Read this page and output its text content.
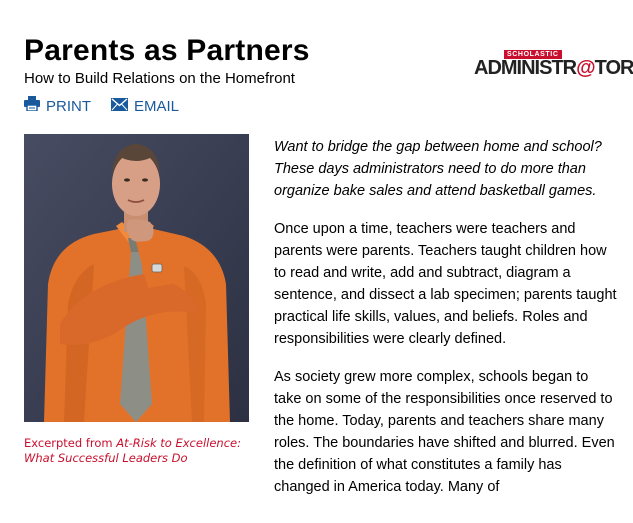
Parents as Partners
How to Build Relations on the Homefront
SCHOLASTIC
ADMINISTR@TOR
PRINT	EMAIL
Excerpted from At-Risk to Excellence: What Successful Leaders Do

Want to bridge the gap between home and school? These days administrators need to do more than organize bake sales and attend basketball games.

Once upon a time, teachers were teachers and parents were parents. Teachers taught children how to read and write, add and subtract, diagram a sentence, and dissect a lab specimen; parents taught practical life skills, values, and beliefs. Roles and responsibilities were clearly defined.

As society grew more complex, schools began to take on some of the responsibilities once reserved to the home. Today, parents and teachers share many roles. The boundaries have shifted and blurred. Even the definition of what constitutes a family has changed in America today. Many of
